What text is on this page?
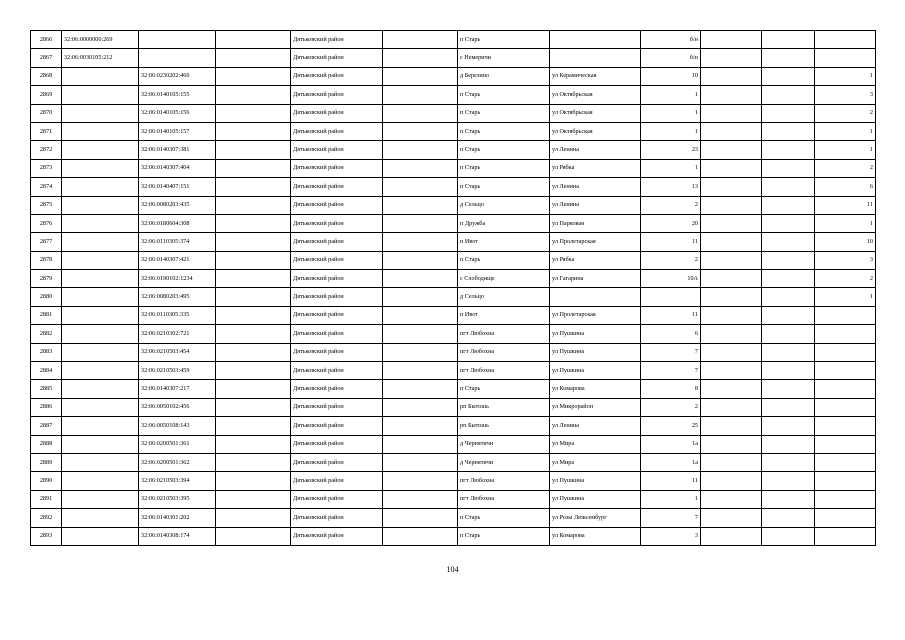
2866	32:06:0000000:269			Дятьковский район		п Старь		б/н			
2867	32:06:0030105:212			Дятьковский район		с Немеричи		б/н			
2868		32:06:0230202:460		Дятьковский район		д Березино	ул Керамическая	10			1
2869		32:06:0140105:155		Дятьковский район		п Старь	ул Октябрьская	1			3
2870		32:06:0140105:156		Дятьковский район		п Старь	ул Октябрьская	1			2
2871		32:06:0140105:157		Дятьковский район		п Старь	ул Октябрьская	1			1
2872		32:06:0140307:381		Дятьковский район		п Старь	ул Ленина	23			1
2873		32:06:0140307:404		Дятьковский район		п Старь	ул Рябка	1			2
2874		32:06:0140407:151		Дятьковский район		п Старь	ул Ленина	13			6
2875		32:06:0080203:435		Дятьковский район		д Сельцо	ул Ленина	2			11
2876		32:06:0180604:308		Дятьковский район		п Дружба	ул Парковая	20			1
2877		32:06:0110305:374		Дятьковский район		п Ивот	ул Пролетарская	11			10
2878		32:06:0140307:421		Дятьковский район		п Старь	ул Рябка	2			3
2879		32:06:0190102:1234		Дятьковский район		с Слободище	ул Гагарина	10А			2
2880		32:06:0080203:495		Дятьковский район		д Сельцо					1
2881		32:06:0110305:335		Дятьковский район		п Ивот	ул Пролетарская	11			
2882		32:06:0210302:721		Дятьковский район		пгт Любохна	ул Пушкина	6			
2883		32:06:0210503:454		Дятьковский район		пгт Любохна	ул Пушкина	7			
2884		32:06:0210503:459		Дятьковский район		пгт Любохна	ул Пушкина	7			
2885		32:06:0140307:217		Дятьковский район		п Старь	ул Комарова	8			
2886		32:06:0050102:456		Дятьковский район		рп Бытошь	ул Микрорайон	2			
2887		32:06:0050108:143		Дятьковский район		рп Бытошь	ул Ленина	25			
2888		32:06:0200501:361		Дятьковский район		д Чернятичи	ул Мира	1а			
2889		32:06:0200501:362		Дятьковский район		д Чернятичи	ул Мира	1а			
2890		32:06:0210503:394		Дятьковский район		пгт Любохна	ул Пушкина	11			
2891		32:06:0210503:395		Дятьковский район		пгт Любохна	ул Пушкина	1			
2892		32:06:0140301:202		Дятьковский район		п Старь	ул Розы Люксембург	7			
2893		32:06:0140308:174		Дятьковский район		п Старь	ул Комарова	3			
104
